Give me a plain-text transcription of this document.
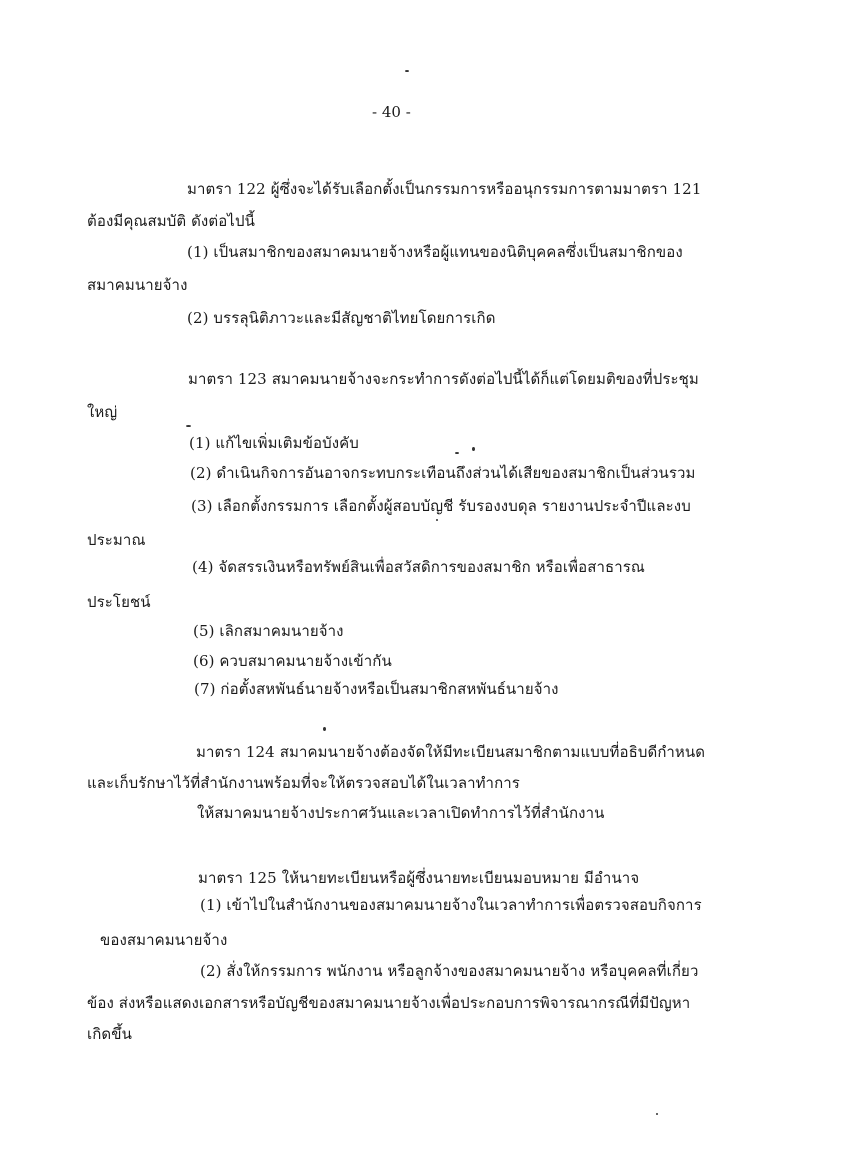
- 40 -
มาตรา 122 ผู้ซึ่งจะได้รับเลือกตั้งเป็นกรรมการหรืออนุกรรมการตามมาตรา 121
ต้องมีคุณสมบัติ ดังต่อไปนี้
(1) เป็นสมาชิกของสมาคมนายจ้างหรือผู้แทนของนิติบุคคลซึ่งเป็นสมาชิกของ
สมาคมนายจ้าง
(2) บรรลุนิติภาวะและมีสัญชาติไทยโดยการเกิด
มาตรา 123 สมาคมนายจ้างจะกระทำการดังต่อไปนี้ได้ก็แต่โดยมติของที่ประชุม
ใหญ่
(1) แก้ไขเพิ่มเติมข้อบังคับ
(2) ดำเนินกิจการอันอาจกระทบกระเทือนถึงส่วนได้เสียของสมาชิกเป็นส่วนรวม
(3) เลือกตั้งกรรมการ เลือกตั้งผู้สอบบัญชี รับรองงบดุล รายงานประจำปีและงบ
ประมาณ
(4) จัดสรรเงินหรือทรัพย์สินเพื่อสวัสดิการของสมาชิก หรือเพื่อสาธารณ
ประโยชน์
(5) เลิกสมาคมนายจ้าง
(6) ควบสมาคมนายจ้างเข้ากัน
(7) ก่อตั้งสหพันธ์นายจ้างหรือเป็นสมาชิกสหพันธ์นายจ้าง
มาตรา 124 สมาคมนายจ้างต้องจัดให้มีทะเบียนสมาชิกตามแบบที่อธิบดีกำหนด
และเก็บรักษาไว้ที่สำนักงานพร้อมที่จะให้ตรวจสอบได้ในเวลาทำการ
ให้สมาคมนายจ้างประกาศวันและเวลาเปิดทำการไว้ที่สำนักงาน
มาตรา 125 ให้นายทะเบียนหรือผู้ซึ่งนายทะเบียนมอบหมาย มีอำนาจ
(1) เข้าไปในสำนักงานของสมาคมนายจ้างในเวลาทำการเพื่อตรวจสอบกิจการ
ของสมาคมนายจ้าง
(2) สั่งให้กรรมการ พนักงาน หรือลูกจ้างของสมาคมนายจ้าง หรือบุคคลที่เกี่ยว
ข้อง ส่งหรือแสดงเอกสารหรือบัญชีของสมาคมนายจ้างเพื่อประกอบการพิจารณากรณีที่มีปัญหา
เกิดขึ้น
